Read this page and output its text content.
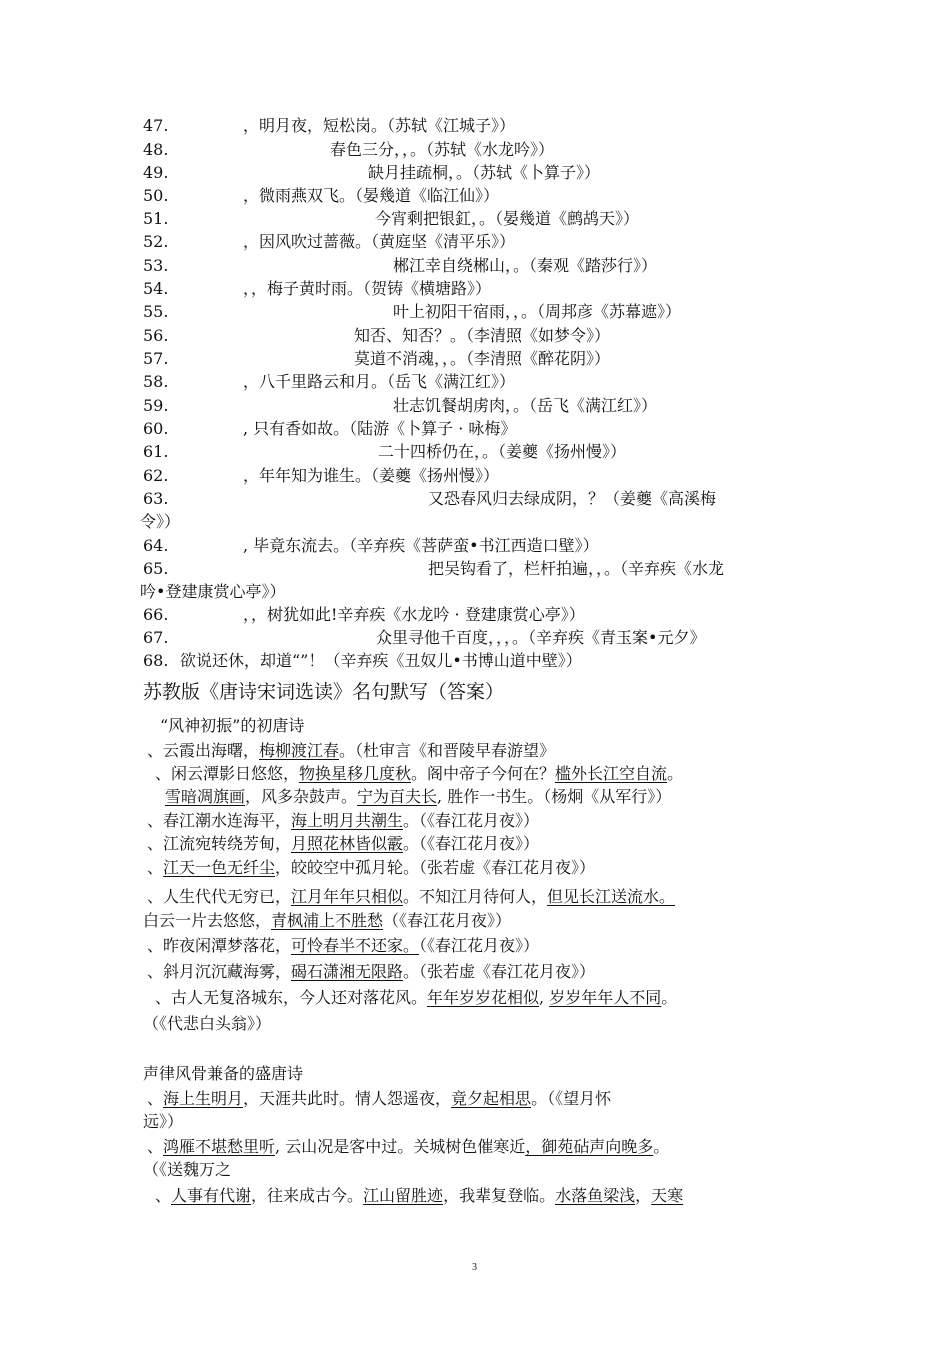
47.	，明月夜，短松岗。（苏轼《江城子》）
48.	春色三分，，。（苏轼《水龙吟》）
49.	缺月挂疏桐，。（苏轼《卜算子》）
50.	，微雨燕双飞。（晏幾道《临江仙》）
51.	今宵剩把银釭，。（晏幾道《鹧鸪天》）
52.	，因风吹过蔷薇。（黄庭坚《清平乐》）
53.	郴江幸自绕郴山，。（秦观《踏莎行》）
54.	，，梅子黄时雨。（贺铸《横塘路》）
55.	叶上初阳干宿雨，，。（周邦彦《苏幕遮》）
56.	知否、知否？。（李清照《如梦令》）
57.	莫道不消魂，，。（李清照《醉花阴》）
58.	，八千里路云和月。（岳飞《满江红》）
59.	壮志饥餐胡虏肉，。（岳飞《满江红》）
60.	, 只有香如故。（陆游《卜算子 · 咏梅》
61.	二十四桥仍在，。（姜夔《扬州慢》）
62.	，年年知为谁生。（姜夔《扬州慢》）
63.	又恐春风归去绿成阴，？（姜夔《高溪梅
令》）
64.	, 毕竟东流去。（辛弃疾《菩萨蛮•书江西造口壁》）
65.	把吴钩看了，栏杆拍遍，，。（辛弃疾《水龙
吟•登建康赏心亭》）
66.	，，树犹如此!辛弃疾《水龙吟 · 登建康赏心亭》）
67.	众里寻他千百度，，，。（辛弃疾《青玉案•元夕》
68. 欲说还休，却道“”！（辛弃疾《丑奴儿•书博山道中壁》）
苏教版《唐诗宋词选读》名句默写（答案）
“风神初振”的初唐诗
、云霞出海曙，梅柳渡江春。（杜审言《和晋陵早春游望》
、闲云潭影日悠悠，物换星移几度秋。阁中帝子今何在？槛外长江空自流。
雪暗凋旗画，风多杂鼓声。宁为百夫长, 胜作一书生。（杨炯《从军行》）
、春江潮水连海平，海上明月共潮生。（《春江花月夜》）
、江流宛转绕芳甸，月照花林皆似霰。（《春江花月夜》）
、江天一色无纤尘，皎皎空中孤月轮。（张若虚《春江花月夜》）
、人生代代无穷已，江月年年只相似。不知江月待何人，但见长江送流水。
白云一片去悠悠，青枫浦上不胜愁（《春江花月夜》）
、昨夜闲潭梦落花，可怜春半不还家。（《春江花月夜》）
、斜月沉沉藏海雾，碣石潇湘无限路。（张若虚《春江花月夜》）
、古人无复洛城东，今人还对落花风。年年岁岁花相似, 岁岁年年人不同。
（《代悲白头翁》）
声律风骨兼备的盛唐诗
、海上生明月，天涯共此时。情人怨遥夜，竟夕起相思。（《望月怀
远》）
、鸿雁不堪愁里听, 云山况是客中过。关城树色催寒近，御苑砧声向晚多。
（《送魏万之
、人事有代谢，往来成古今。江山留胜迹，我辈复登临。水落鱼梁浅，天寒
3
